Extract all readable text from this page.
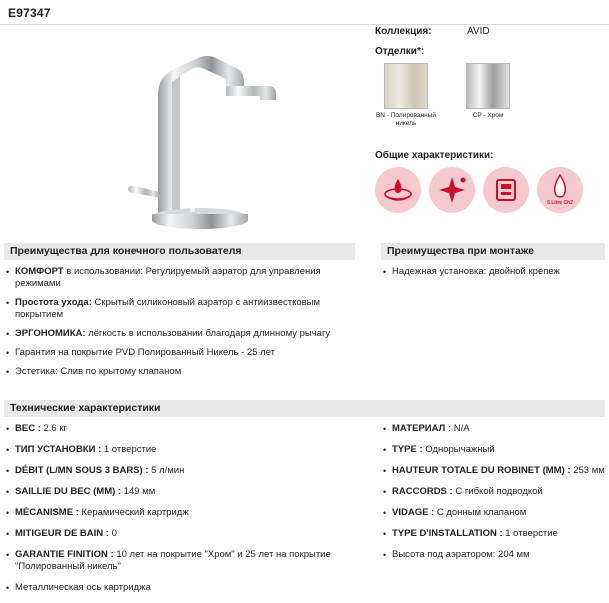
E97347
Коллекция:	AVID
Отделки*:
BN - Полированный никель
CP - Хром
Общие характеристики:
5 Litre Ch2
Преимущества для конечного пользователя	Преимущества при монтаже
Технические характеристики
• КОМФОРТ в использовании: Регулируемый аэратор для управления режимами
• Простота ухода: Скрытый силиконовый аэратор с антиизвестковым покрытием
• ЭРГОНОМИКА: лёгкость в использовании благодаря длинному рычагу
• Гарантия на покрытие PVD Полированный Никель - 25 лет
• Эстетика: Слив по крытому клапаном
• Надежная установка: двойной крепеж
• ВЕС : 2.6 кг
• ТИП УСТАНОВКИ : 1 отверстие
• DÉBIT (L/MN SOUS 3 BARS) : 5 л/мин
• SAILLIE DU BEC (MM) : 149 мм
• MÉCANISME : Керамический картридж
• MITIGEUR DE BAIN : 0
• GARANTIE FINITION : 10 лет на покрытие "Хром" и 25 лет на покрытие "Полированный никель"
• Металлическая ось картриджа
• МАТЕРИАЛ : N/A
• TYPE : Однорычажный
• HAUTEUR TOTALE DU ROBINET (MM) : 253 мм
• RACCORDS : С гибкой подводкой
• VIDAGE : С донным клапаном
• TYPE D'INSTALLATION : 1 отверстие
• Высота под аэратором: 204 мм
